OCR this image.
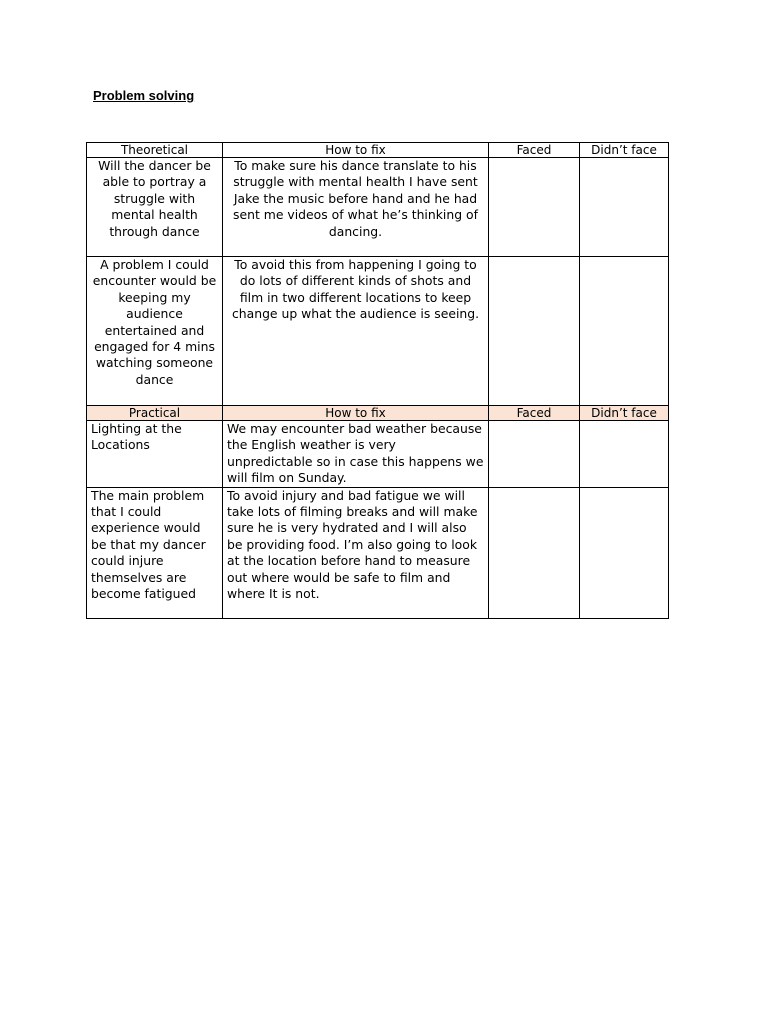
Problem solving
Theoretical	How to fix	Faced	Didn’t face
Will the dancer be able to portray a struggle with mental health through dance	To make sure his dance translate to his struggle with mental health I have sent Jake the music before hand and he had sent me videos of what he’s thinking of dancing.		
A problem I could encounter would be keeping my audience entertained and engaged for 4 mins watching someone dance	To avoid this from happening I going to do lots of different kinds of shots and film in two different locations to keep change up what the audience is seeing.		
Practical	How to fix	Faced	Didn’t face
Lighting at the Locations	We may encounter bad weather because the English weather is very unpredictable so in case this happens we will film on Sunday.		
The main problem that I could experience would be that my dancer could injure themselves are become fatigued	To avoid injury and bad fatigue we will take lots of filming breaks and will make sure he is very hydrated and I will also be providing food. I’m also going to look at the location before hand to measure out where would be safe to film and where It is not.		
